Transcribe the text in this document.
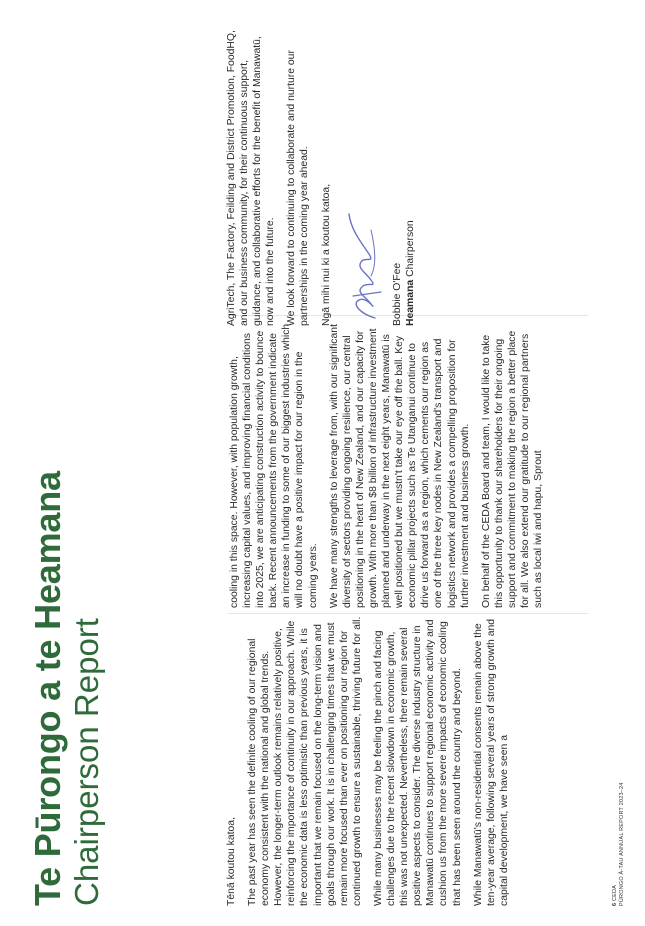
Te Pūrongo a te Heamana Chairperson Report	Tēnā koutou katoa, The past year has seen the definite cooling of our regional economy consistent with the national and global trends. However, the longer-term outlook remains relatively positive, reinforcing the importance of continuity in our approach. While the economic data is less optimistic than previous years, it is important that we remain focused on the long-term vision and goals through our work. It is in challenging times that we must remain more focused than ever on positioning our region for continued growth to ensure a sustainable, thriving future for all. While many businesses may be feeling the pinch and facing challenges due to the recent slowdown in economic growth, this was not unexpected. Nevertheless, there remain several positive aspects to consider. The diverse industry structure in Manawatū continues to support regional economic activity and cushion us from the more severe impacts of economic cooling that has been seen around the country and beyond. While Manawatū's non-residential consents remain above the ten-year average, following several years of strong growth and capital development, we have seen a

cooling in this space. However, with population growth, increasing capital values, and improving financial conditions into 2025, we are anticipating construction activity to bounce back. Recent announcements from the government indicate an increase in funding to some of our biggest industries which will no doubt have a positive impact for our region in the coming years. We have many strengths to leverage from, with our significant diversity of sectors providing ongoing resilience, our central positioning in the heart of New Zealand, and our capacity for growth. With more than $8 billion of infrastructure investment planned and underway in the next eight years, Manawatū is well positioned but we mustn't take our eye off the ball. Key economic pillar projects such as Te Utanganui continue to drive us forward as a region, which cements our region as one of the three key nodes in New Zealand's transport and logistics network and provides a compelling proposition for further investment and business growth. On behalf of the CEDA Board and team, I would like to take this opportunity to thank our shareholders for their ongoing support and commitment to making the region a better place for all. We also extend our gratitude to our regional partners such as local iwi and hapu, Sprout

AgriTech, The Factory, Feilding and District Promotion, FoodHQ, and our business community, for their continuous support, guidance, and collaborative efforts for the benefit of Manawatū, now and into the future. We look forward to continuing to collaborate and nurture our partnerships in the coming year ahead. Ngā mihi nui ki a koutou katoa,	Bobbie O'Fee Heamana Chairperson
6 CEDA PŪRONGO Ā-TAU ANNUAL REPORT 2023–24
